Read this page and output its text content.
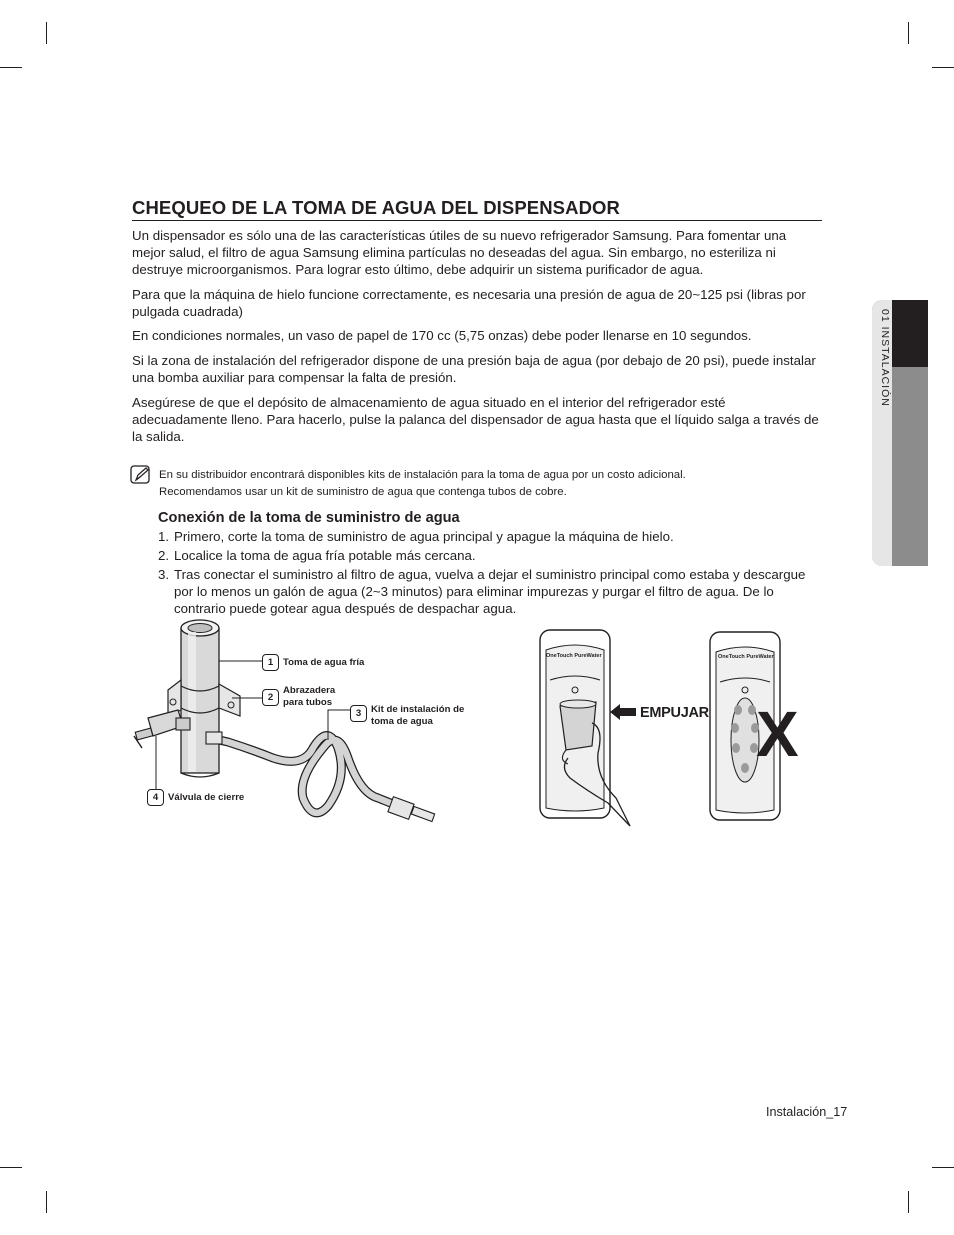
01 INSTALACIÓN
CHEQUEO DE LA TOMA DE AGUA DEL DISPENSADOR

Un dispensador es sólo una de las características útiles de su nuevo refrigerador Samsung. Para fomentar una mejor salud, el filtro de agua Samsung elimina partículas no deseadas del agua. Sin embargo, no esteriliza ni destruye microorganismos. Para lograr esto último, debe adquirir un sistema purificador de agua.

Para que la máquina de hielo funcione correctamente, es necesaria una presión de agua de 20~125 psi (libras por pulgada cuadrada)

En condiciones normales, un vaso de papel de 170 cc (5,75 onzas) debe poder llenarse en 10 segundos.

Si la zona de instalación del refrigerador dispone de una presión baja de agua (por debajo de 20 psi), puede instalar una bomba auxiliar para compensar la falta de presión.

Asegúrese de que el depósito de almacenamiento de agua situado en el interior del refrigerador esté adecuadamente lleno. Para hacerlo, pulse la palanca del dispensador de agua hasta que el líquido salga a través de la salida.

En su distribuidor encontrará disponibles kits de instalación para la toma de agua por un costo adicional.
Recomendamos usar un kit de suministro de agua que contenga tubos de cobre.
Conexión de la toma de suministro de agua
1. Primero, corte la toma de suministro de agua principal y apague la máquina de hielo.
2. Localice la toma de agua fría potable más cercana.
3. Tras conectar el suministro al filtro de agua, vuelva a dejar el suministro principal como estaba y descargue por lo menos un galón de agua (2~3 minutos) para eliminar impurezas y purgar el filtro de agua. De lo contrario puede gotear agua después de despachar agua.
1 Toma de agua fría
2
Abrazadera
para tubos
3	Kit de instalación de
toma de agua
4 Válvula de cierre
OneTouch PureWater
EMPUJAR
OneTouch PureWater
X
Instalación_17
